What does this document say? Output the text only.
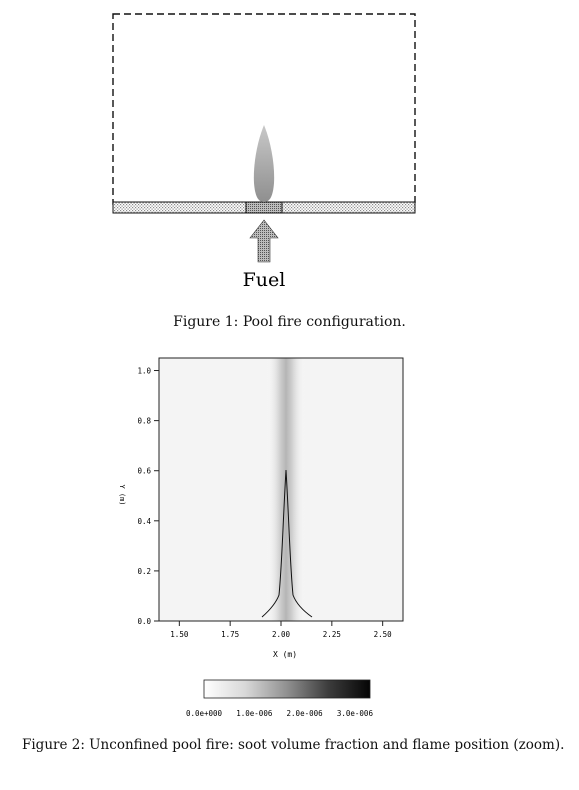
Fuel
0.0
0.2
0.4
0.6
0.8
1.0
1.50	1.75	2.00	2.25	2.50
Y (m)
X (m)
0.0e+000 1.0e-006 2.0e-006 3.0e-006
Figure 1: Pool fire configuration.
Figure 2: Unconfined pool fire: soot volume fraction and flame position (zoom).
